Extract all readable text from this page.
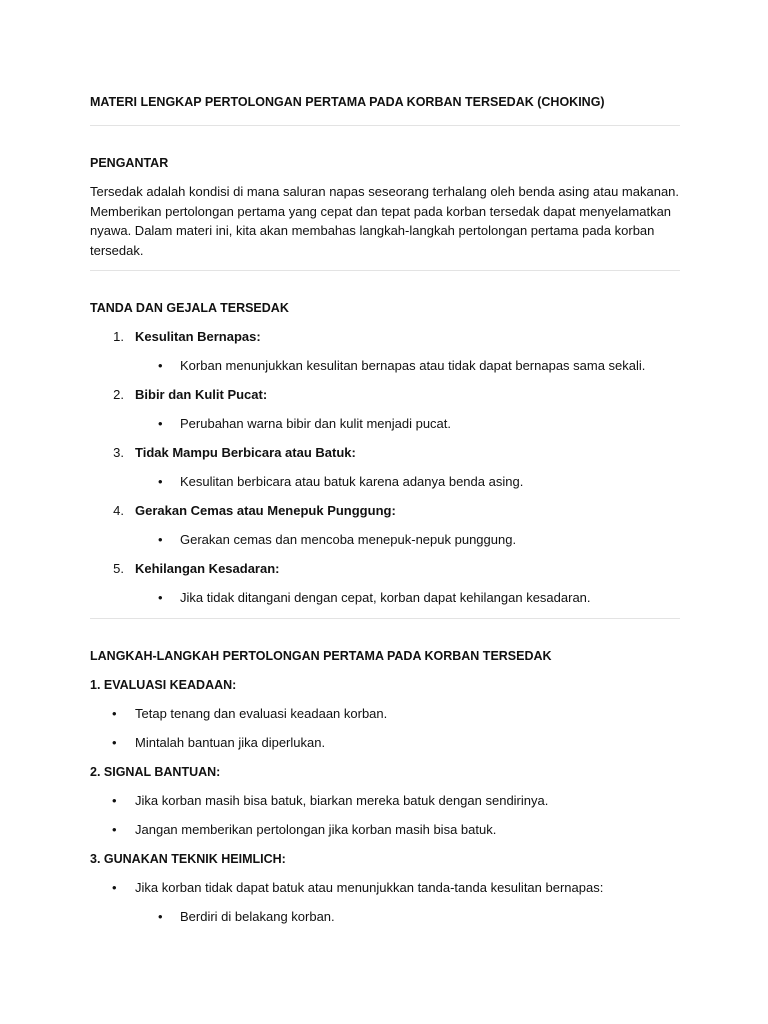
MATERI LENGKAP PERTOLONGAN PERTAMA PADA KORBAN TERSEDAK (CHOKING)

PENGANTAR

Tersedak adalah kondisi di mana saluran napas seseorang terhalang oleh benda asing atau makanan. Memberikan pertolongan pertama yang cepat dan tepat pada korban tersedak dapat menyelamatkan nyawa. Dalam materi ini, kita akan membahas langkah-langkah pertolongan pertama pada korban tersedak.

TANDA DAN GEJALA TERSEDAK

1. Kesulitan Bernapas:
• Korban menunjukkan kesulitan bernapas atau tidak dapat bernapas sama sekali.
2. Bibir dan Kulit Pucat:
• Perubahan warna bibir dan kulit menjadi pucat.
3. Tidak Mampu Berbicara atau Batuk:
• Kesulitan berbicara atau batuk karena adanya benda asing.
4. Gerakan Cemas atau Menepuk Punggung:
• Gerakan cemas dan mencoba menepuk-nepuk punggung.
5. Kehilangan Kesadaran:
• Jika tidak ditangani dengan cepat, korban dapat kehilangan kesadaran.

LANGKAH-LANGKAH PERTOLONGAN PERTAMA PADA KORBAN TERSEDAK

1. EVALUASI KEADAAN:
• Tetap tenang dan evaluasi keadaan korban.
• Mintalah bantuan jika diperlukan.
2. SIGNAL BANTUAN:
• Jika korban masih bisa batuk, biarkan mereka batuk dengan sendirinya.
• Jangan memberikan pertolongan jika korban masih bisa batuk.
3. GUNAKAN TEKNIK HEIMLICH:
• Jika korban tidak dapat batuk atau menunjukkan tanda-tanda kesulitan bernapas:
• Berdiri di belakang korban.
